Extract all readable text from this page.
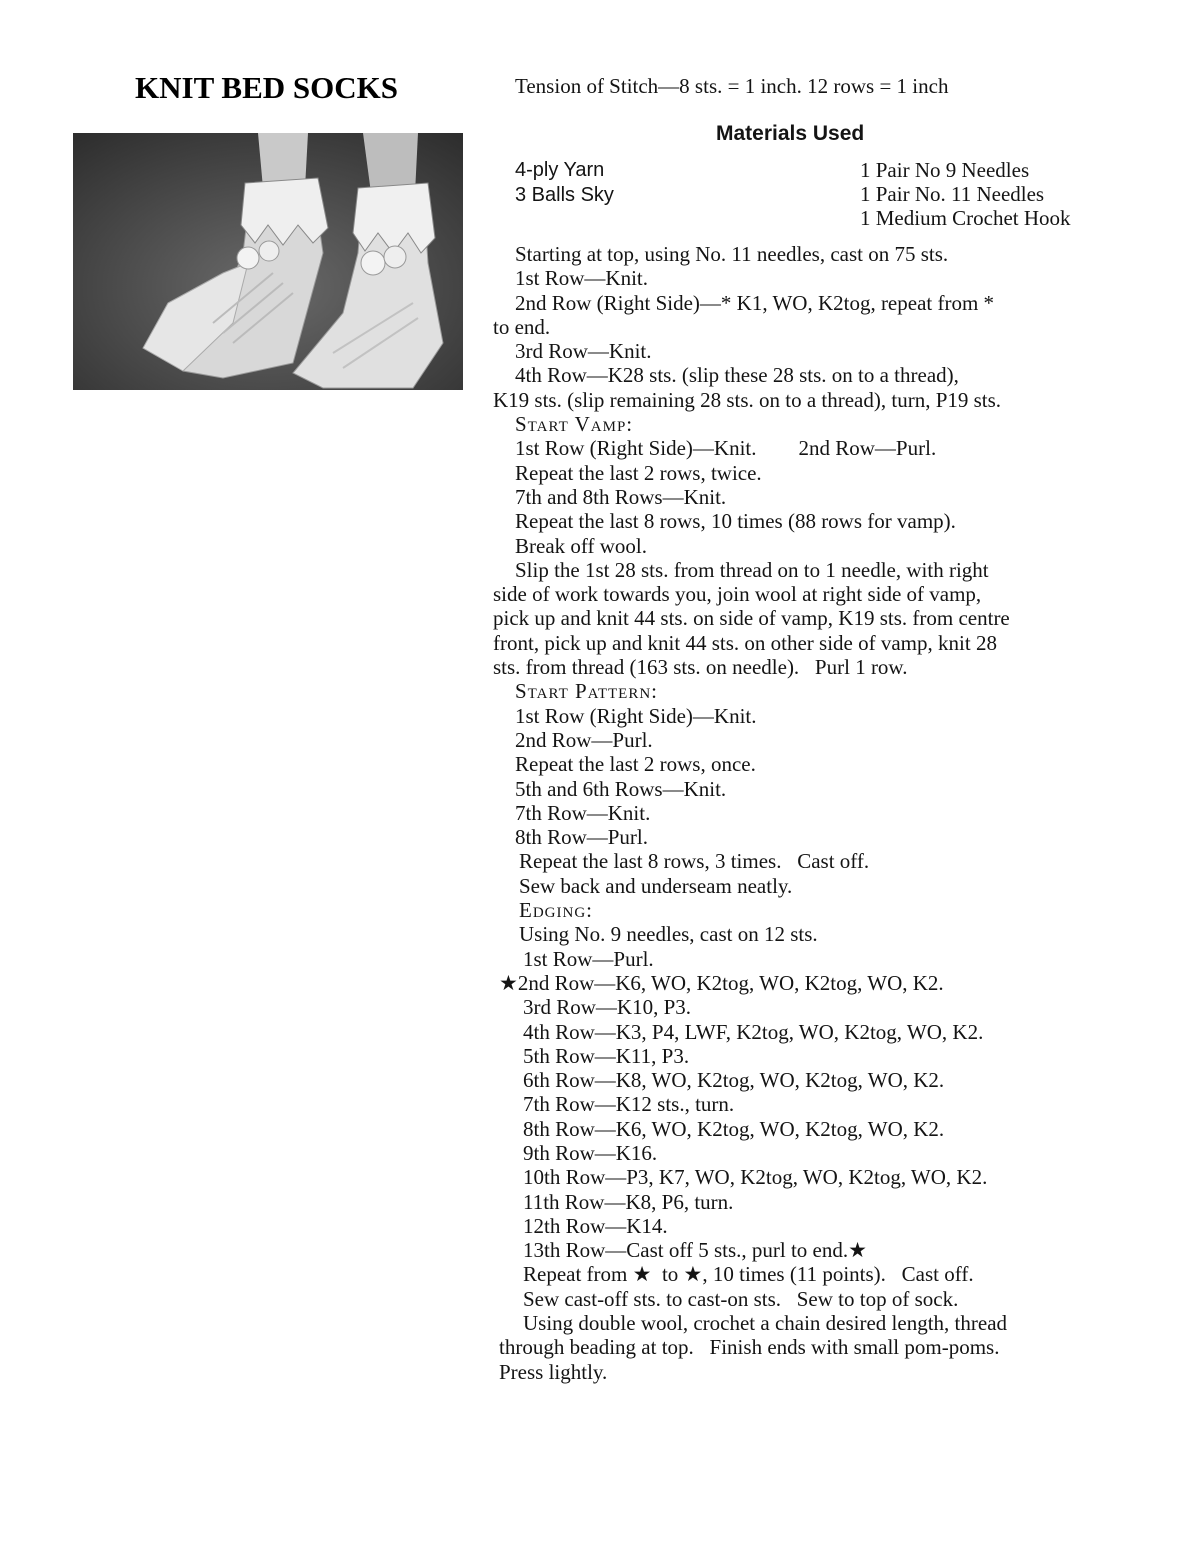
KNIT BED SOCKS	Tension of Stitch—8 sts. = 1 inch. 12 rows = 1 inch
Materials Used
4-ply Yarn
3 Balls Sky
1 Pair No 9 Needles
1 Pair No. 11 Needles
1 Medium Crochet Hook

Starting at top, using No. 11 needles, cast on 75 sts.

1st Row—Knit.

2nd Row (Right Side)—* K1, WO, K2tog, repeat from *

to end.

3rd Row—Knit.

4th Row—K28 sts. (slip these 28 sts. on to a thread),

K19 sts. (slip remaining 28 sts. on to a thread), turn, P19 sts.

Start Vamp:

1st Row (Right Side)—Knit.        2nd Row—Purl.

Repeat the last 2 rows, twice.

7th and 8th Rows—Knit.

Repeat the last 8 rows, 10 times (88 rows for vamp).

Break off wool.

Slip the 1st 28 sts. from thread on to 1 needle, with right

side of work towards you, join wool at right side of vamp,

pick up and knit 44 sts. on side of vamp, K19 sts. from centre

front, pick up and knit 44 sts. on other side of vamp, knit 28

sts. from thread (163 sts. on needle).   Purl 1 row.

Start Pattern:

1st Row (Right Side)—Knit.

2nd Row—Purl.

Repeat the last 2 rows, once.

5th and 6th Rows—Knit.

7th Row—Knit.

8th Row—Purl.

Repeat the last 8 rows, 3 times.   Cast off.

Sew back and underseam neatly.

Edging:

Using No. 9 needles, cast on 12 sts.

1st Row—Purl.

★2nd Row—K6, WO, K2tog, WO, K2tog, WO, K2.

3rd Row—K10, P3.

4th Row—K3, P4, LWF, K2tog, WO, K2tog, WO, K2.

5th Row—K11, P3.

6th Row—K8, WO, K2tog, WO, K2tog, WO, K2.

7th Row—K12 sts., turn.

8th Row—K6, WO, K2tog, WO, K2tog, WO, K2.

9th Row—K16.

10th Row—P3, K7, WO, K2tog, WO, K2tog, WO, K2.

11th Row—K8, P6, turn.

12th Row—K14.

13th Row—Cast off 5 sts., purl to end.★

Repeat from ★  to ★, 10 times (11 points).   Cast off.

Sew cast-off sts. to cast-on sts.   Sew to top of sock.

Using double wool, crochet a chain desired length, thread

through beading at top.   Finish ends with small pom-poms.

Press lightly.
